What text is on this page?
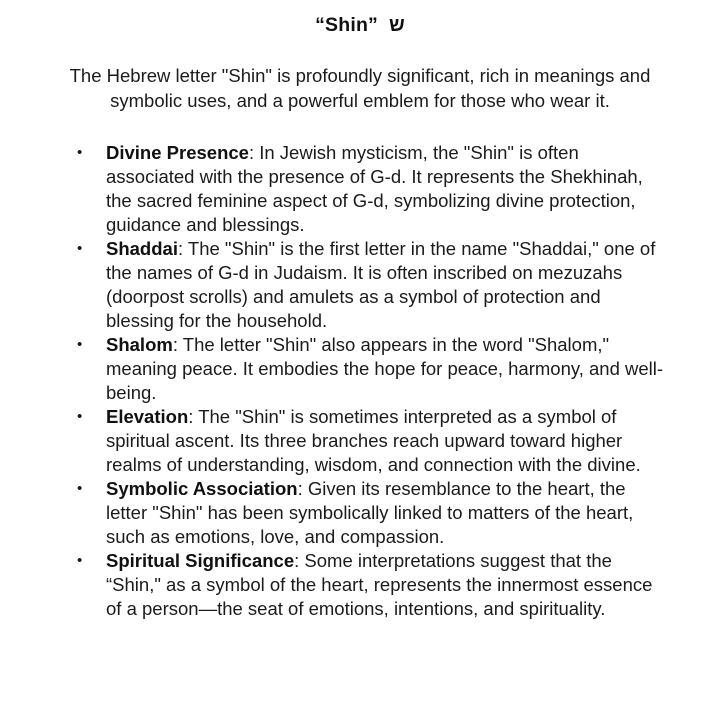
“Shin” ש

The Hebrew letter "Shin" is profoundly significant, rich in meanings and symbolic uses, and a powerful emblem for those who wear it.

• Divine Presence: In Jewish mysticism, the "Shin" is often associated with the presence of G-d. It represents the Shekhinah, the sacred feminine aspect of G-d, symbolizing divine protection, guidance and blessings.
• Shaddai: The "Shin" is the first letter in the name "Shaddai," one of the names of G-d in Judaism. It is often inscribed on mezuzahs (doorpost scrolls) and amulets as a symbol of protection and blessing for the household.
• Shalom: The letter "Shin" also appears in the word "Shalom," meaning peace. It embodies the hope for peace, harmony, and well-being.
• Elevation: The "Shin" is sometimes interpreted as a symbol of spiritual ascent. Its three branches reach upward toward higher realms of understanding, wisdom, and connection with the divine.
• Symbolic Association: Given its resemblance to the heart, the letter "Shin" has been symbolically linked to matters of the heart, such as emotions, love, and compassion.
• Spiritual Significance: Some interpretations suggest that the “Shin," as a symbol of the heart, represents the innermost essence of a person—the seat of emotions, intentions, and spirituality.
